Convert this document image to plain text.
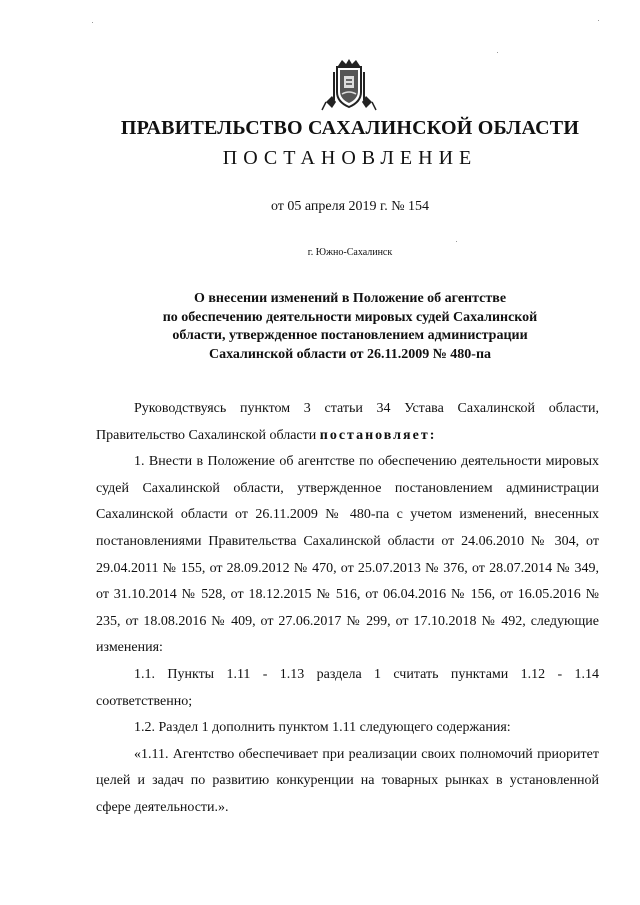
ПРАВИТЕЛЬСТВО САХАЛИНСКОЙ ОБЛАСТИ
ПОСТАНОВЛЕНИЕ
от 05 апреля 2019 г. № 154
г. Южно-Сахалинск
О внесении изменений в Положение об агентстве
по обеспечению деятельности мировых судей Сахалинской
области, утвержденное постановлением администрации
Сахалинской области от 26.11.2009 № 480-па

Руководствуясь пунктом 3 статьи 34 Устава Сахалинской области, Правительство Сахалинской области постановляет:

1. Внести в Положение об агентстве по обеспечению деятельности мировых судей Сахалинской области, утвержденное постановлением администрации Сахалинской области от 26.11.2009 № 480-па с учетом изменений, внесенных постановлениями Правительства Сахалинской области от 24.06.2010 № 304, от 29.04.2011 № 155, от 28.09.2012 № 470, от 25.07.2013 № 376, от 28.07.2014 № 349, от 31.10.2014 № 528, от 18.12.2015 № 516, от 06.04.2016 № 156, от 16.05.2016 № 235, от 18.08.2016 № 409, от 27.06.2017 № 299, от 17.10.2018 № 492, следующие изменения:

1.1. Пункты 1.11 - 1.13 раздела 1 считать пунктами 1.12 - 1.14 соответственно;

1.2. Раздел 1 дополнить пунктом 1.11 следующего содержания:

«1.11. Агентство обеспечивает при реализации своих полномочий приоритет целей и задач по развитию конкуренции на товарных рынках в установленной сфере деятельности.».
